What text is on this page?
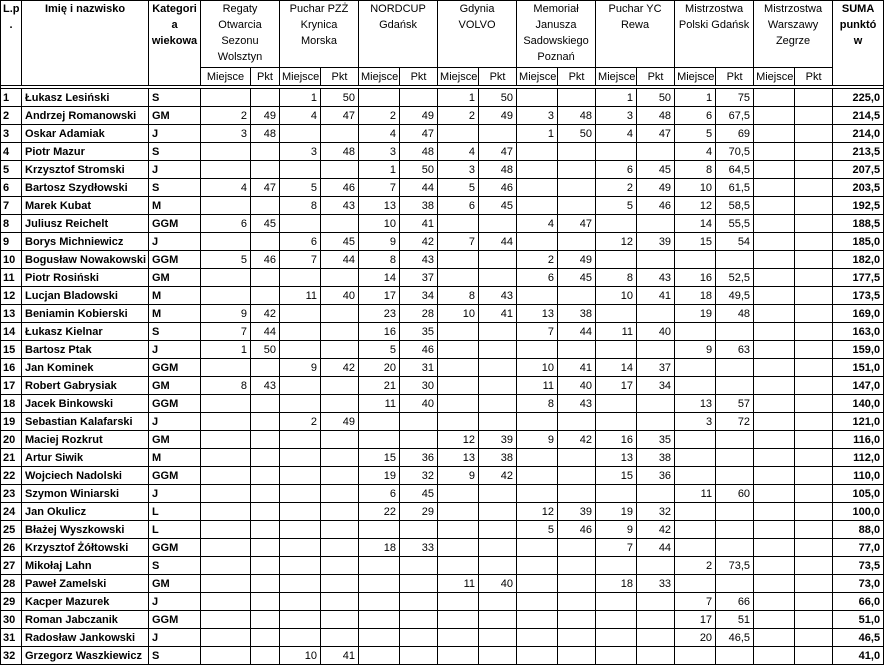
L.p .	Imię i nazwisko	Kategori a wiekowa	Regaty Otwarcia Sezonu Wolsztyn		Puchar PZŻ Krynica Morska		NORDCUP Gdańsk		Gdynia VOLVO		Memoriał Janusza Sadowskiego Poznań		Puchar YC Rewa		Mistrzostwa Polski Gdańsk		Mistrzostwa Warszawy Zegrze		SUMA punktó w
			Miejsce	Pkt	Miejsce	Pkt	Miejsce	Pkt	Miejsce	Pkt	Miejsce	Pkt	Miejsce	Pkt	Miejsce	Pkt	Miejsce	Pkt	

1	Łukasz Lesiński	S			1	50			1	50			1	50	1	75			225,0
2	Andrzej Romanowski	GM	2	49	4	47	2	49	2	49	3	48	3	48	6	67,5			214,5
3	Oskar Adamiak	J	3	48			4	47			1	50	4	47	5	69			214,0
4	Piotr Mazur	S			3	48	3	48	4	47					4	70,5			213,5
5	Krzysztof Stromski	J					1	50	3	48			6	45	8	64,5			207,5
6	Bartosz Szydłowski	S	4	47	5	46	7	44	5	46			2	49	10	61,5			203,5
7	Marek Kubat	M			8	43	13	38	6	45			5	46	12	58,5			192,5
8	Juliusz Reichelt	GGM	6	45			10	41			4	47			14	55,5			188,5
9	Borys Michniewicz	J			6	45	9	42	7	44			12	39	15	54			185,0
10	Bogusław Nowakowski	GGM	5	46	7	44	8	43			2	49							182,0
11	Piotr Rosiński	GM					14	37			6	45	8	43	16	52,5			177,5
12	Lucjan Bladowski	M			11	40	17	34	8	43			10	41	18	49,5			173,5
13	Beniamin Kobierski	M	9	42			23	28	10	41	13	38			19	48			169,0
14	Łukasz Kielnar	S	7	44			16	35			7	44	11	40					163,0
15	Bartosz Ptak	J	1	50			5	46							9	63			159,0
16	Jan Kominek	GGM			9	42	20	31			10	41	14	37					151,0
17	Robert Gabrysiak	GM	8	43			21	30			11	40	17	34					147,0
18	Jacek Binkowski	GGM					11	40			8	43			13	57			140,0
19	Sebastian Kalafarski	J			2	49									3	72			121,0
20	Maciej Rozkrut	GM							12	39	9	42	16	35					116,0
21	Artur Siwik	M					15	36	13	38			13	38					112,0
22	Wojciech Nadolski	GGM					19	32	9	42			15	36					110,0
23	Szymon Winiarski	J					6	45							11	60			105,0
24	Jan Okulicz	L					22	29			12	39	19	32					100,0
25	Błażej Wyszkowski	L									5	46	9	42					88,0
26	Krzysztof Żółtowski	GGM					18	33					7	44					77,0
27	Mikołaj Lahn	S													2	73,5			73,5
28	Paweł Zamelski	GM							11	40			18	33					73,0
29	Kacper Mazurek	J													7	66			66,0
30	Roman Jabczanik	GGM													17	51			51,0
31	Radosław Jankowski	J													20	46,5			46,5
32	Grzegorz Waszkiewicz	S			10	41													41,0
